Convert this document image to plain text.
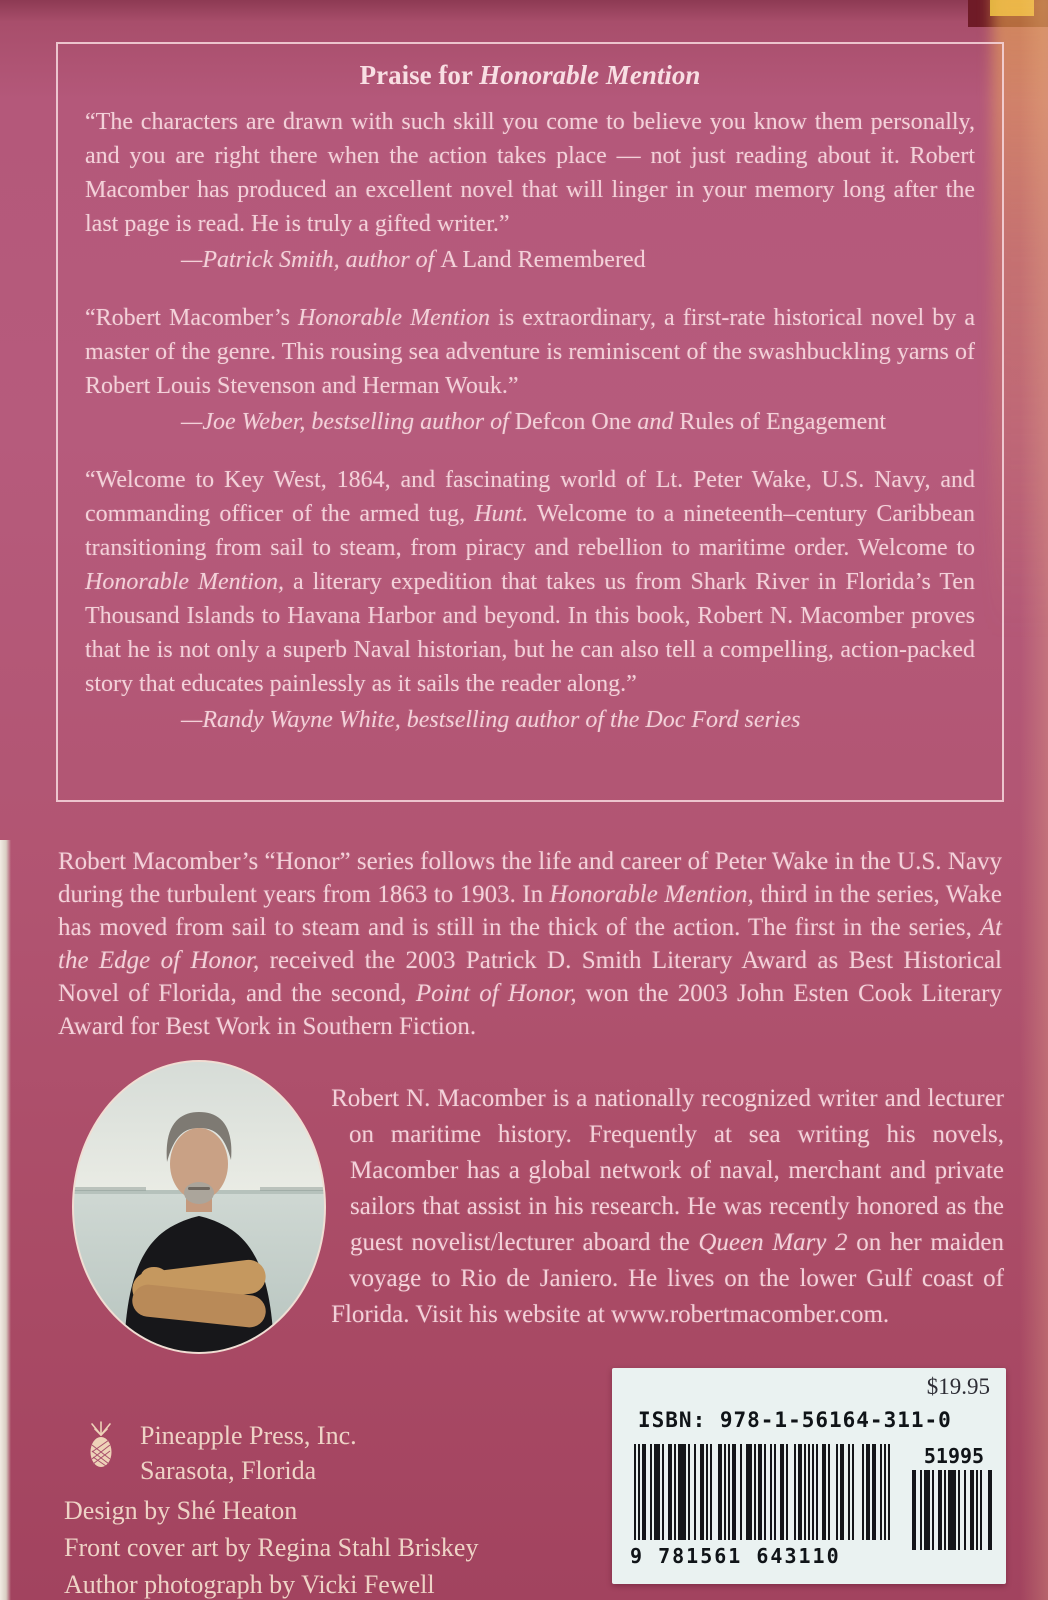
Praise for Honorable Mention

“The characters are drawn with such skill you come to believe you know them personally, and you are right there when the action takes place — not just reading about it. Robert Macomber has produced an excellent novel that will linger in your memory long after the last page is read. He is truly a gifted writer.”

—Patrick Smith, author of A Land Remembered

“Robert Macomber’s Honorable Mention is extraordinary, a first-rate historical novel by a master of the genre. This rousing sea adventure is reminiscent of the swashbuckling yarns of Robert Louis Stevenson and Herman Wouk.”

—Joe Weber, bestselling author of Defcon One and Rules of Engagement

“Welcome to Key West, 1864, and fascinating world of Lt. Peter Wake, U.S. Navy, and commanding officer of the armed tug, Hunt. Welcome to a nineteenth–century Caribbean transitioning from sail to steam, from piracy and rebellion to maritime order. Welcome to Honorable Mention, a literary expedition that takes us from Shark River in Florida’s Ten Thousand Islands to Havana Harbor and beyond. In this book, Robert N. Macomber proves that he is not only a superb Naval historian, but he can also tell a compelling, action-packed story that educates painlessly as it sails the reader along.”

—Randy Wayne White, bestselling author of the Doc Ford series

Robert Macomber’s “Honor” series follows the life and career of Peter Wake in the U.S. Navy during the turbulent years from 1863 to 1903. In Honorable Mention, third in the series, Wake has moved from sail to steam and is still in the thick of the action. The first in the series, At the Edge of Honor, received the 2003 Patrick D. Smith Literary Award as Best Historical Novel of Florida, and the second, Point of Honor, won the 2003 John Esten Cook Literary Award for Best Work in Southern Fiction.

Robert N. Macomber is a nationally recognized writer and lecturer on maritime history. Frequently at sea writing his novels, Macomber has a global network of naval, merchant and private sailors that assist in his research. He was recently honored as the guest novelist/lecturer aboard the Queen Mary 2 on her maiden voyage to Rio de Janiero. He lives on the lower Gulf coast of Florida. Visit his website at www.robertmacomber.com.

Pineapple Press, Inc.
Sarasota, Florida
Design by Shé Heaton
Front cover art by Regina Stahl Briskey
Author photograph by Vicki Fewell
$19.95
ISBN: 978-1-56164-311-0
9 781561 643110
51995
